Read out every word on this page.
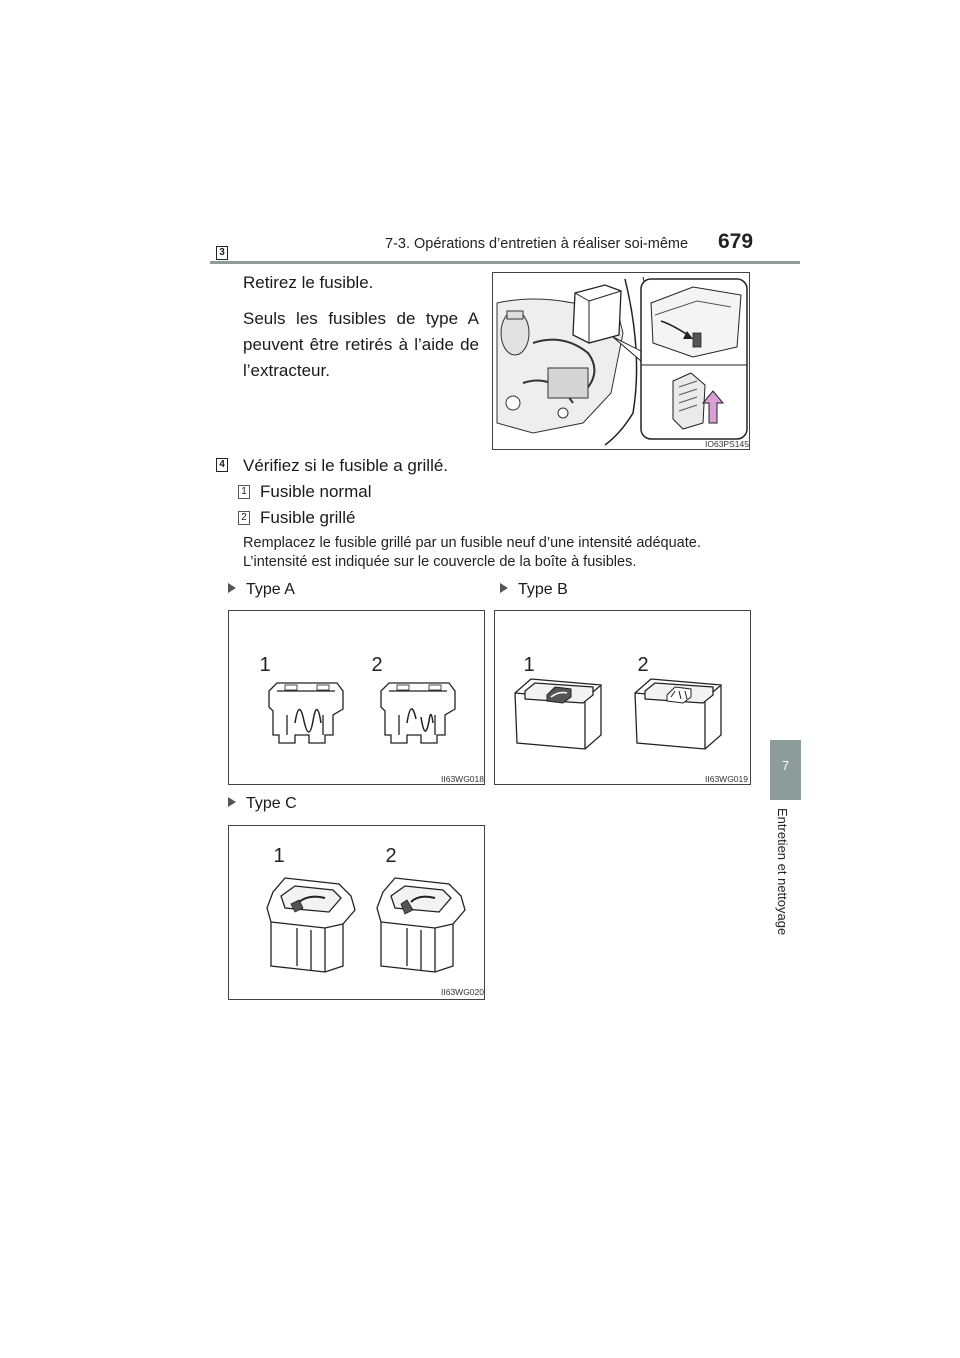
7-3. Opérations d’entretien à réaliser soi-même 679
7
Entretien et nettoyage
3
Retirez le fusible.
Seuls les fusibles de type A peuvent être retirés à l’aide de l’extracteur.
IO63PS145
4 Vérifiez si le fusible a grillé.
1 Fusible normal
2 Fusible grillé
Remplacez le fusible grillé par un fusible neuf d’une intensité adéquate.
L’intensité est indiquée sur le couvercle de la boîte à fusibles.
Type A	Type B
Type C
1	2
II63WG018
1	2
II63WG019
1	2
II63WG020
